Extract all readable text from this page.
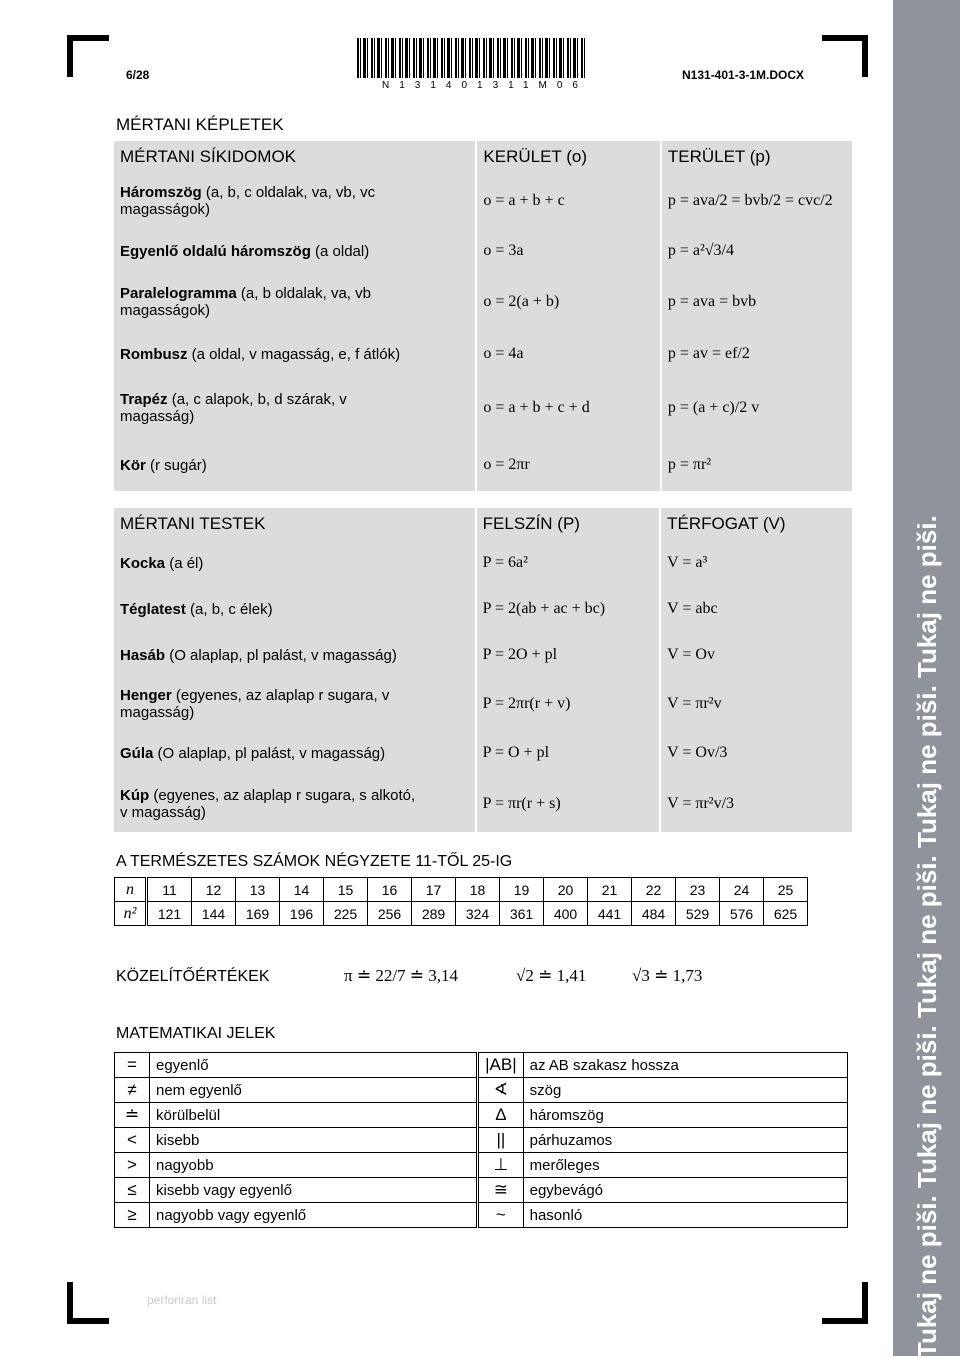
6/28
N131401311M06
N131-401-3-1M.DOCX
Tukaj ne piši. Tukaj ne piši. Tukaj ne piši. Tukaj ne piši. Tukaj ne piši.
MÉRTANI KÉPLETEK
MÉRTANI SÍKIDOMOK	KERÜLET (o)	TERÜLET (p)
Háromszög (a, b, c oldalak, va, vb, vc
magasságok)	o = a + b + c	p = ava/2 = bvb/2 = cvc/2
Egyenlő oldalú háromszög (a oldal)	o = 3a	p = a²√3/4
Paralelogramma (a, b oldalak, va, vb
magasságok)	o = 2(a + b)	p = ava = bvb
Rombusz (a oldal, v magasság, e, f átlók)	o = 4a	p = av = ef/2
Trapéz (a, c alapok, b, d szárak, v
magasság)	o = a + b + c + d	p = (a + c)/2 v
Kör (r sugár)	o = 2πr	p = πr²
MÉRTANI TESTEK	FELSZÍN (P)	TÉRFOGAT (V)
Kocka (a él)	P = 6a²	V = a³
Téglatest (a, b, c élek)	P = 2(ab + ac + bc)	V = abc
Hasáb (O alaplap, pl palást, v magasság)	P = 2O + pl	V = Ov
Henger (egyenes, az alaplap r sugara, v
magasság)	P = 2πr(r + v)	V = πr²v
Gúla (O alaplap, pl palást, v magasság)	P = O + pl	V = Ov/3
Kúp (egyenes, az alaplap r sugara, s alkotó,
v magasság)	P = πr(r + s)	V = πr²v/3
A TERMÉSZETES SZÁMOK NÉGYZETE 11-TŐL 25-IG
n	11	12	13	14	15	16	17	18	19	20	21	22	23	24	25
n²	121	144	169	196	225	256	289	324	361	400	441	484	529	576	625
KÖZELÍTŐÉRTÉKEK	π ≐ 22/7 ≐ 3,14	√2 ≐ 1,41	√3 ≐ 1,73
MATEMATIKAI JELEK
=	egyenlő	|AB|	az AB szakasz hossza
≠	nem egyenlő	∢	szög
≐	körülbelül	Δ	háromszög
<	kisebb	||	párhuzamos
>	nagyobb	⊥	merőleges
≤	kisebb vagy egyenlő	≅	egybevágó
≥	nagyobb vagy egyenlő	~	hasonló
perforiran list
